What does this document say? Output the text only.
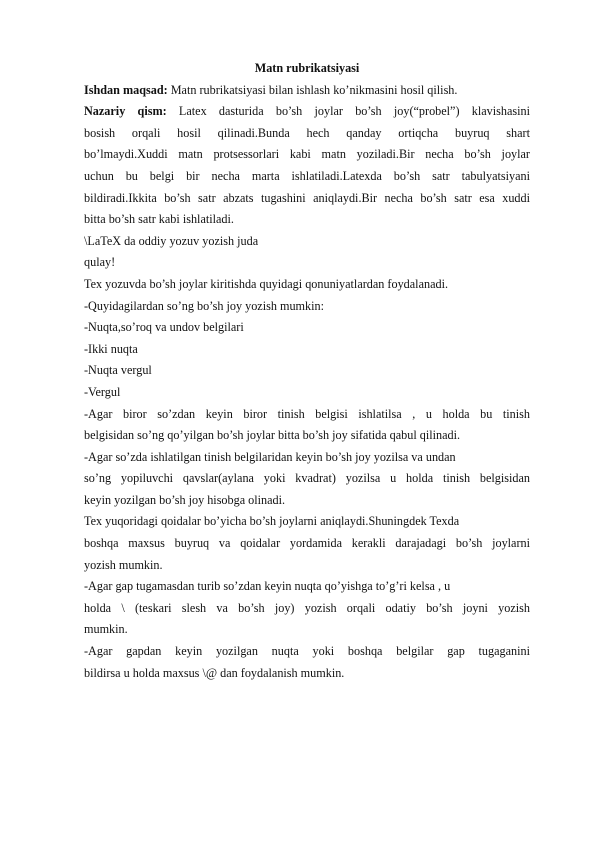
Matn rubrikatsiyasi

Ishdan maqsad: Matn rubrikatsiyasi bilan ishlash ko’nikmasini hosil qilish.

Nazariy qism: Latex dasturida bo’sh joylar bo’sh joy(“probel”) klavishasini

bosish orqali hosil qilinadi.Bunda hech qanday ortiqcha buyruq shart

bo’lmaydi.Xuddi matn protsessorlari kabi matn yoziladi.Bir necha bo’sh joylar

uchun bu belgi bir necha marta ishlatiladi.Latexda bo’sh satr tabulyatsiyani

bildiradi.Ikkita bo’sh satr abzats tugashini aniqlaydi.Bir necha bo’sh satr esa xuddi

bitta bo’sh satr kabi ishlatiladi.

\LaTeX da oddiy yozuv yozish juda

qulay!

Tex yozuvda bo’sh joylar kiritishda quyidagi qonuniyatlardan foydalanadi.

-Quyidagilardan so’ng bo’sh joy yozish mumkin:

-Nuqta,so’roq va undov belgilari

-Ikki nuqta

-Nuqta vergul

-Vergul

-Agar biror so’zdan keyin biror tinish belgisi ishlatilsa , u holda bu tinish

belgisidan so’ng qo’yilgan bo’sh joylar bitta bo’sh joy sifatida qabul qilinadi.

-Agar so’zda ishlatilgan tinish belgilaridan keyin bo’sh joy yozilsa va undan

so’ng yopiluvchi qavslar(aylana yoki kvadrat) yozilsa u holda tinish belgisidan

keyin yozilgan bo’sh joy hisobga olinadi.

Tex yuqoridagi qoidalar bo’yicha bo’sh joylarni aniqlaydi.Shuningdek Texda

boshqa maxsus buyruq va qoidalar yordamida kerakli darajadagi bo’sh joylarni

yozish mumkin.

-Agar gap tugamasdan turib so’zdan keyin nuqta qo’yishga to’g’ri kelsa , u

holda \ (teskari slesh va bo’sh joy) yozish orqali odatiy bo’sh joyni yozish

mumkin.

-Agar gapdan keyin yozilgan nuqta yoki boshqa belgilar gap tugaganini

bildirsa u holda maxsus \@ dan foydalanish mumkin.
